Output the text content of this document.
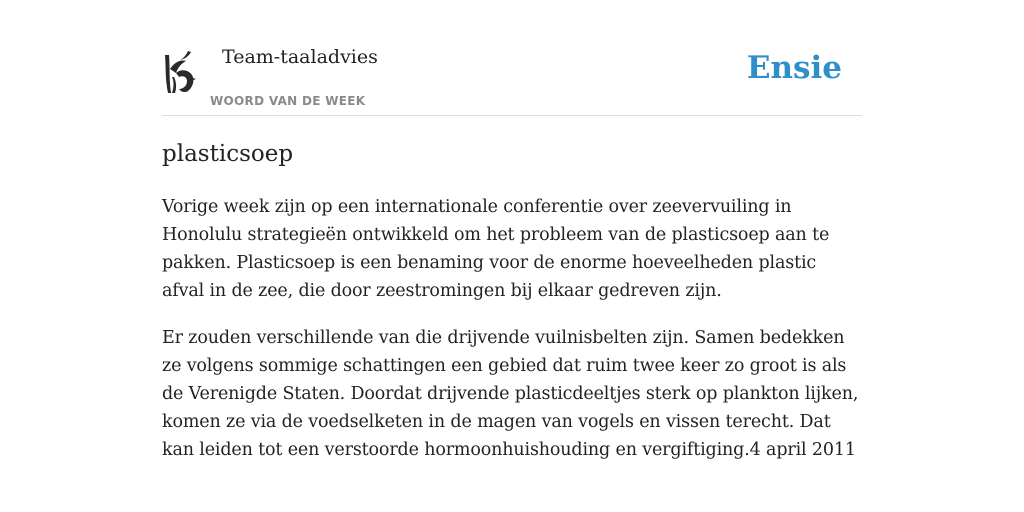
Team-taaladvies
WOORD VAN DE WEEK
Ensie
plasticsoep

Vorige week zijn op een internationale conferentie over zeevervuiling in Honolulu strategieën ontwikkeld om het probleem van de plasticsoep aan te pakken. Plasticsoep is een benaming voor de enorme hoeveelheden plastic afval in de zee, die door zeestromingen bij elkaar gedreven zijn.

Er zouden verschillende van die drijvende vuilnisbelten zijn. Samen bedekken ze volgens sommige schattingen een gebied dat ruim twee keer zo groot is als de Verenigde Staten. Doordat drijvende plasticdeeltjes sterk op plankton lijken, komen ze via de voedselketen in de magen van vogels en vissen terecht. Dat kan leiden tot een verstoorde hormoonhuishouding en vergiftiging.4 april 2011
